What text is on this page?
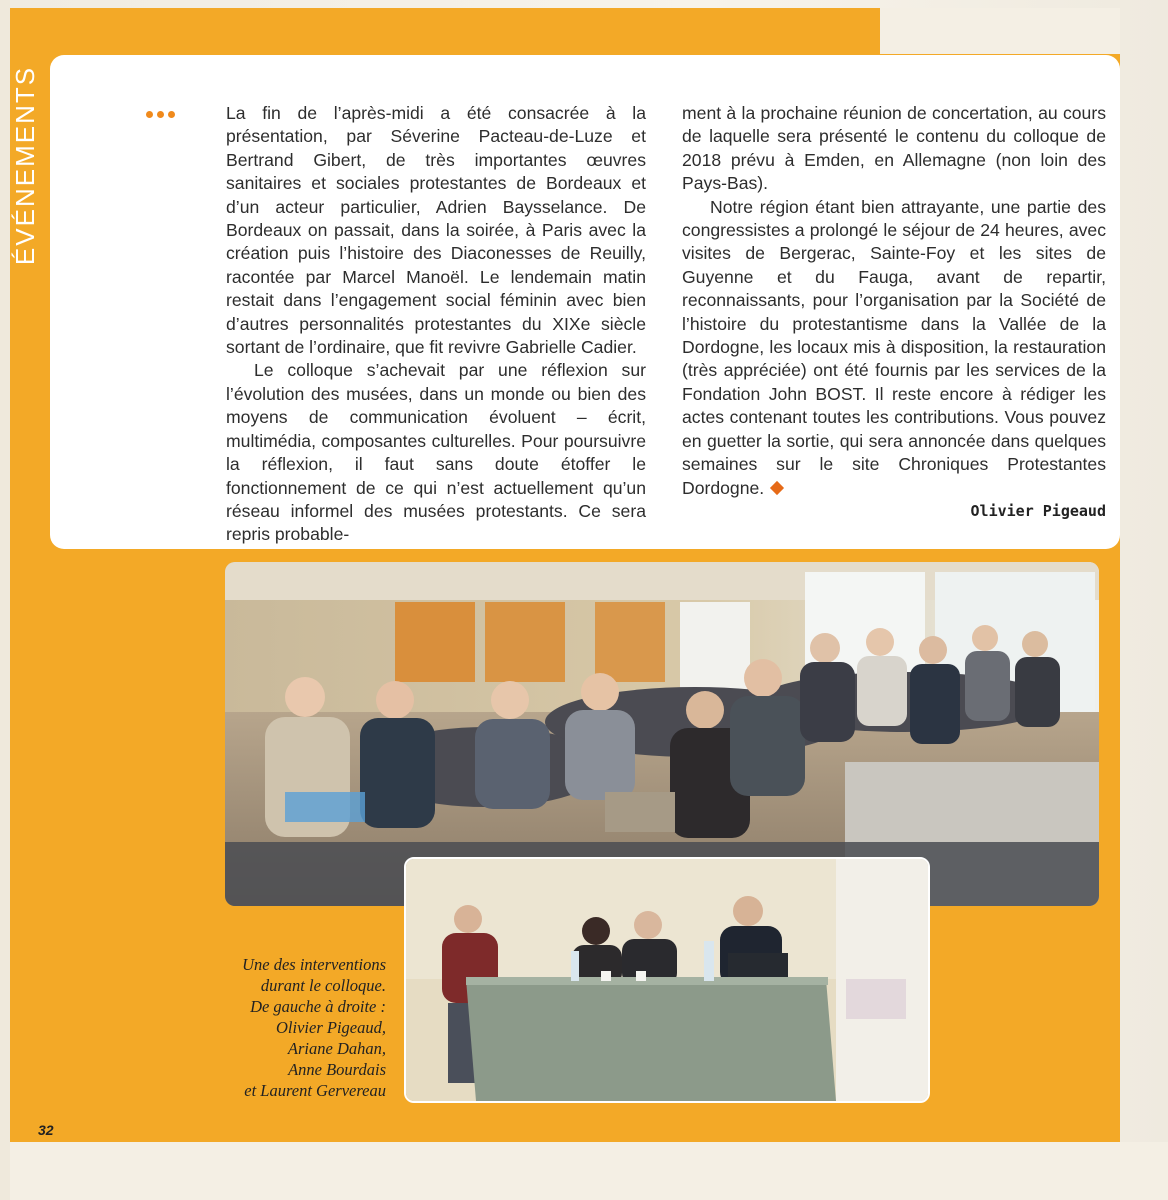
ÉVÉNEMENTS	La fin de l’après-midi a été consacrée à la présentation, par Séverine Pacteau-de-Luze et Bertrand Gibert, de très importantes œuvres sanitaires et sociales protestantes de Bordeaux et d’un acteur particulier, Adrien Baysselance. De Bordeaux on passait, dans la soirée, à Paris avec la création puis l’histoire des Diaconesses de Reuilly, racontée par Marcel Manoël. Le lendemain matin restait dans l’engagement social féminin avec bien d’autres personnalités protestantes du XIXe siècle sortant de l’ordinaire, que fit revivre Gabrielle Cadier.

Le colloque s’achevait par une réflexion sur l’évolution des musées, dans un monde ou bien des moyens de communication évoluent – écrit, multimédia, composantes culturelles. Pour poursuivre la réflexion, il faut sans doute étoffer le fonctionnement de ce qui n’est actuellement qu’un réseau informel des musées protestants. Ce sera repris probable-

ment à la prochaine réunion de concertation, au cours de laquelle sera présenté le contenu du colloque de 2018 prévu à Emden, en Allemagne (non loin des Pays-Bas).

Notre région étant bien attrayante, une partie des congressistes a prolongé le séjour de 24 heures, avec visites de Bergerac, Sainte-Foy et les sites de Guyenne et du Fauga, avant de repartir, reconnaissants, pour l’organisation par la Société de l’histoire du protestantisme dans la Vallée de la Dordogne, les locaux mis à disposition, la restauration (très appréciée) ont été fournis par les services de la Fondation John BOST. Il reste encore à rédiger les actes contenant toutes les contributions. Vous pouvez en guetter la sortie, qui sera annoncée dans quelques semaines sur le site Chroniques Protestantes Dordogne.

Olivier Pigeaud
Une des interventions
durant le colloque.
De gauche à droite :
Olivier Pigeaud,
Ariane Dahan,
Anne Bourdais
et Laurent Gervereau
32
